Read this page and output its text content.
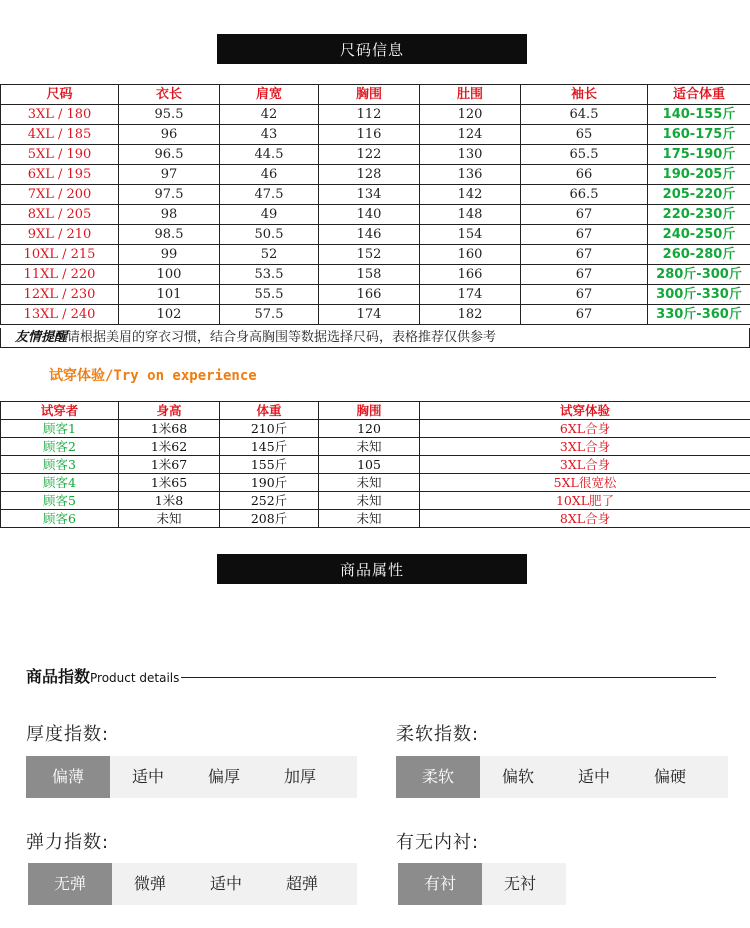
尺码信息
尺码	衣长	肩宽	胸围	肚围	袖长	适合体重
3XL / 180	95.5	42	112	120	64.5	140-155斤
4XL / 185	96	43	116	124	65	160-175斤
5XL / 190	96.5	44.5	122	130	65.5	175-190斤
6XL / 195	97	46	128	136	66	190-205斤
7XL / 200	97.5	47.5	134	142	66.5	205-220斤
8XL / 205	98	49	140	148	67	220-230斤
9XL / 210	98.5	50.5	146	154	67	240-250斤
10XL / 215	99	52	152	160	67	260-280斤
11XL / 220	100	53.5	158	166	67	280斤-300斤
12XL / 230	101	55.5	166	174	67	300斤-330斤
13XL / 240	102	57.5	174	182	67	330斤-360斤
友情提醒请根据美眉的穿衣习惯，结合身高胸围等数据选择尺码，表格推荐仅供参考
试穿体验/Try on experience
试穿者	身高	体重	胸围	试穿体验
顾客1	1米68	210斤	120	6XL合身
顾客2	1米62	145斤	未知	3XL合身
顾客3	1米67	155斤	105	3XL合身
顾客4	1米65	190斤	未知	5XL很宽松
顾客5	1米8	252斤	未知	10XL肥了
顾客6	未知	208斤	未知	8XL合身
商品属性
商品指数 Product details
厚度指数:
偏薄	适中	偏厚	加厚
柔软指数:
柔软	偏软	适中	偏硬
弹力指数:
无弹	微弹	适中	超弹
有无内衬:
有衬	无衬
